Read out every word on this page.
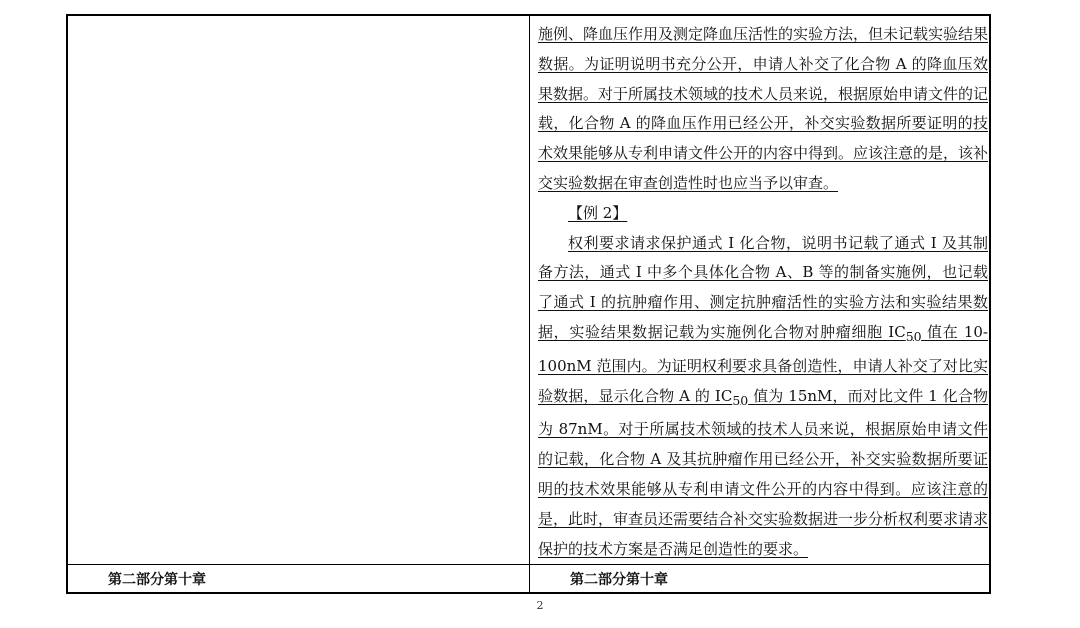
施例、降血压作用及测定降血压活性的实验方法，但未记载实验结果数据。为证明说明书充分公开，申请人补交了化合物 A 的降血压效果数据。对于所属技术领域的技术人员来说，根据原始申请文件的记载，化合物 A 的降血压作用已经公开，补交实验数据所要证明的技术效果能够从专利申请文件公开的内容中得到。应该注意的是，该补交实验数据在审查创造性时也应当予以审查。

【例 2】

权利要求请求保护通式 I 化合物，说明书记载了通式 I 及其制备方法，通式 I 中多个具体化合物 A、B 等的制备实施例，也记载了通式 I 的抗肿瘤作用、测定抗肿瘤活性的实验方法和实验结果数据，实验结果数据记载为实施例化合物对肿瘤细胞 $IC_{50}$ 值在 10-100nM 范围内。为证明权利要求具备创造性，申请人补交了对比实验数据，显示化合物 A 的 $IC_{50}$ 值为 15nM，而对比文件 1 化合物为 87nM。对于所属技术领域的技术人员来说，根据原始申请文件的记载，化合物 A 及其抗肿瘤作用已经公开，补交实验数据所要证明的技术效果能够从专利申请文件公开的内容中得到。应该注意的是，此时，审查员还需要结合补交实验数据进一步分析权利要求请求保护的技术方案是否满足创造性的要求。

第二部分第十章	第二部分第十章
2
